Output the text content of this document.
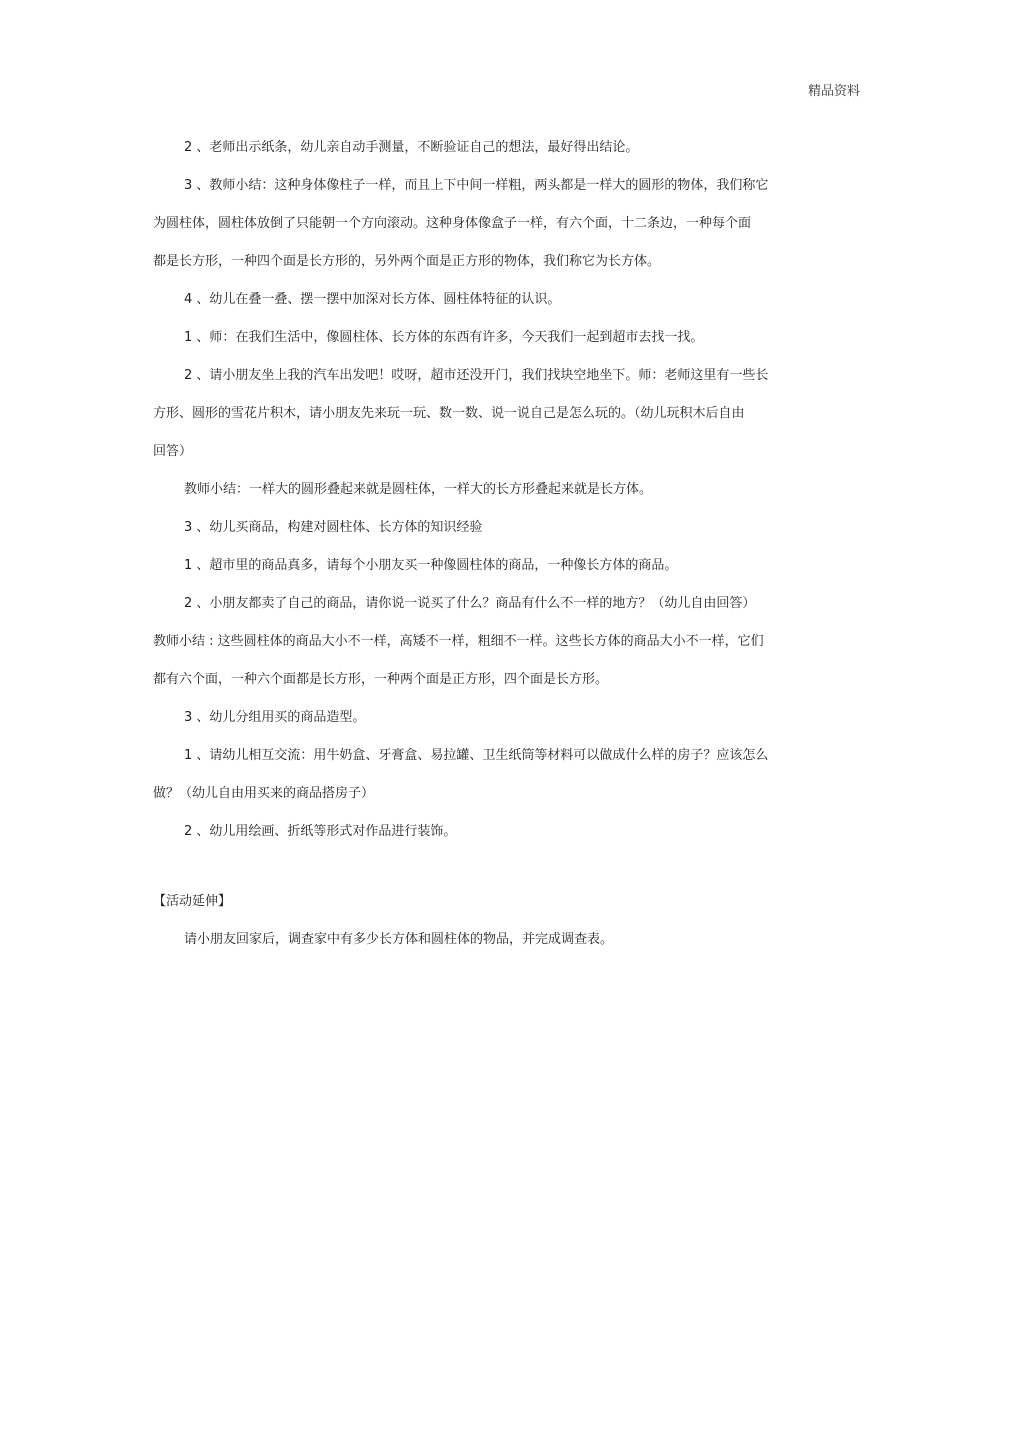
精品资料
2 、老师出示纸条，幼儿亲自动手测量，不断验证自己的想法，最好得出结论。
3 、教师小结：这种身体像柱子一样，而且上下中间一样粗，两头都是一样大的圆形的物体，我们称它
为圆柱体，圆柱体放倒了只能朝一个方向滚动。这种身体像盒子一样，有六个面，十二条边，一种每个面
都是长方形，一种四个面是长方形的，另外两个面是正方形的物体，我们称它为长方体。
4 、幼儿在叠一叠、摆一摆中加深对长方体、圆柱体特征的认识。
1 、师：在我们生活中，像圆柱体、长方体的东西有许多，今天我们一起到超市去找一找。
2 、请小朋友坐上我的汽车出发吧！哎呀，超市还没开门，我们找块空地坐下。师：老师这里有一些长
方形、圆形的雪花片积木，请小朋友先来玩一玩、数一数、说一说自己是怎么玩的。（幼儿玩积木后自由
回答）
教师小结：一样大的圆形叠起来就是圆柱体，一样大的长方形叠起来就是长方体。
3 、幼儿买商品，构建对圆柱体、长方体的知识经验
1 、超市里的商品真多，请每个小朋友买一种像圆柱体的商品，一种像长方体的商品。
2 、小朋友都卖了自己的商品，请你说一说买了什么？商品有什么不一样的地方？（幼儿自由回答）
教师小结 : 这些圆柱体的商品大小不一样，高矮不一样，粗细不一样。这些长方体的商品大小不一样，它们
都有六个面，一种六个面都是长方形，一种两个面是正方形，四个面是长方形。
3 、幼儿分组用买的商品造型。
1 、请幼儿相互交流：用牛奶盒、牙膏盒、易拉罐、卫生纸筒等材料可以做成什么样的房子？应该怎么
做？（幼儿自由用买来的商品搭房子）
2 、幼儿用绘画、折纸等形式对作品进行装饰。
【活动延伸】
请小朋友回家后，调查家中有多少长方体和圆柱体的物品，并完成调查表。
